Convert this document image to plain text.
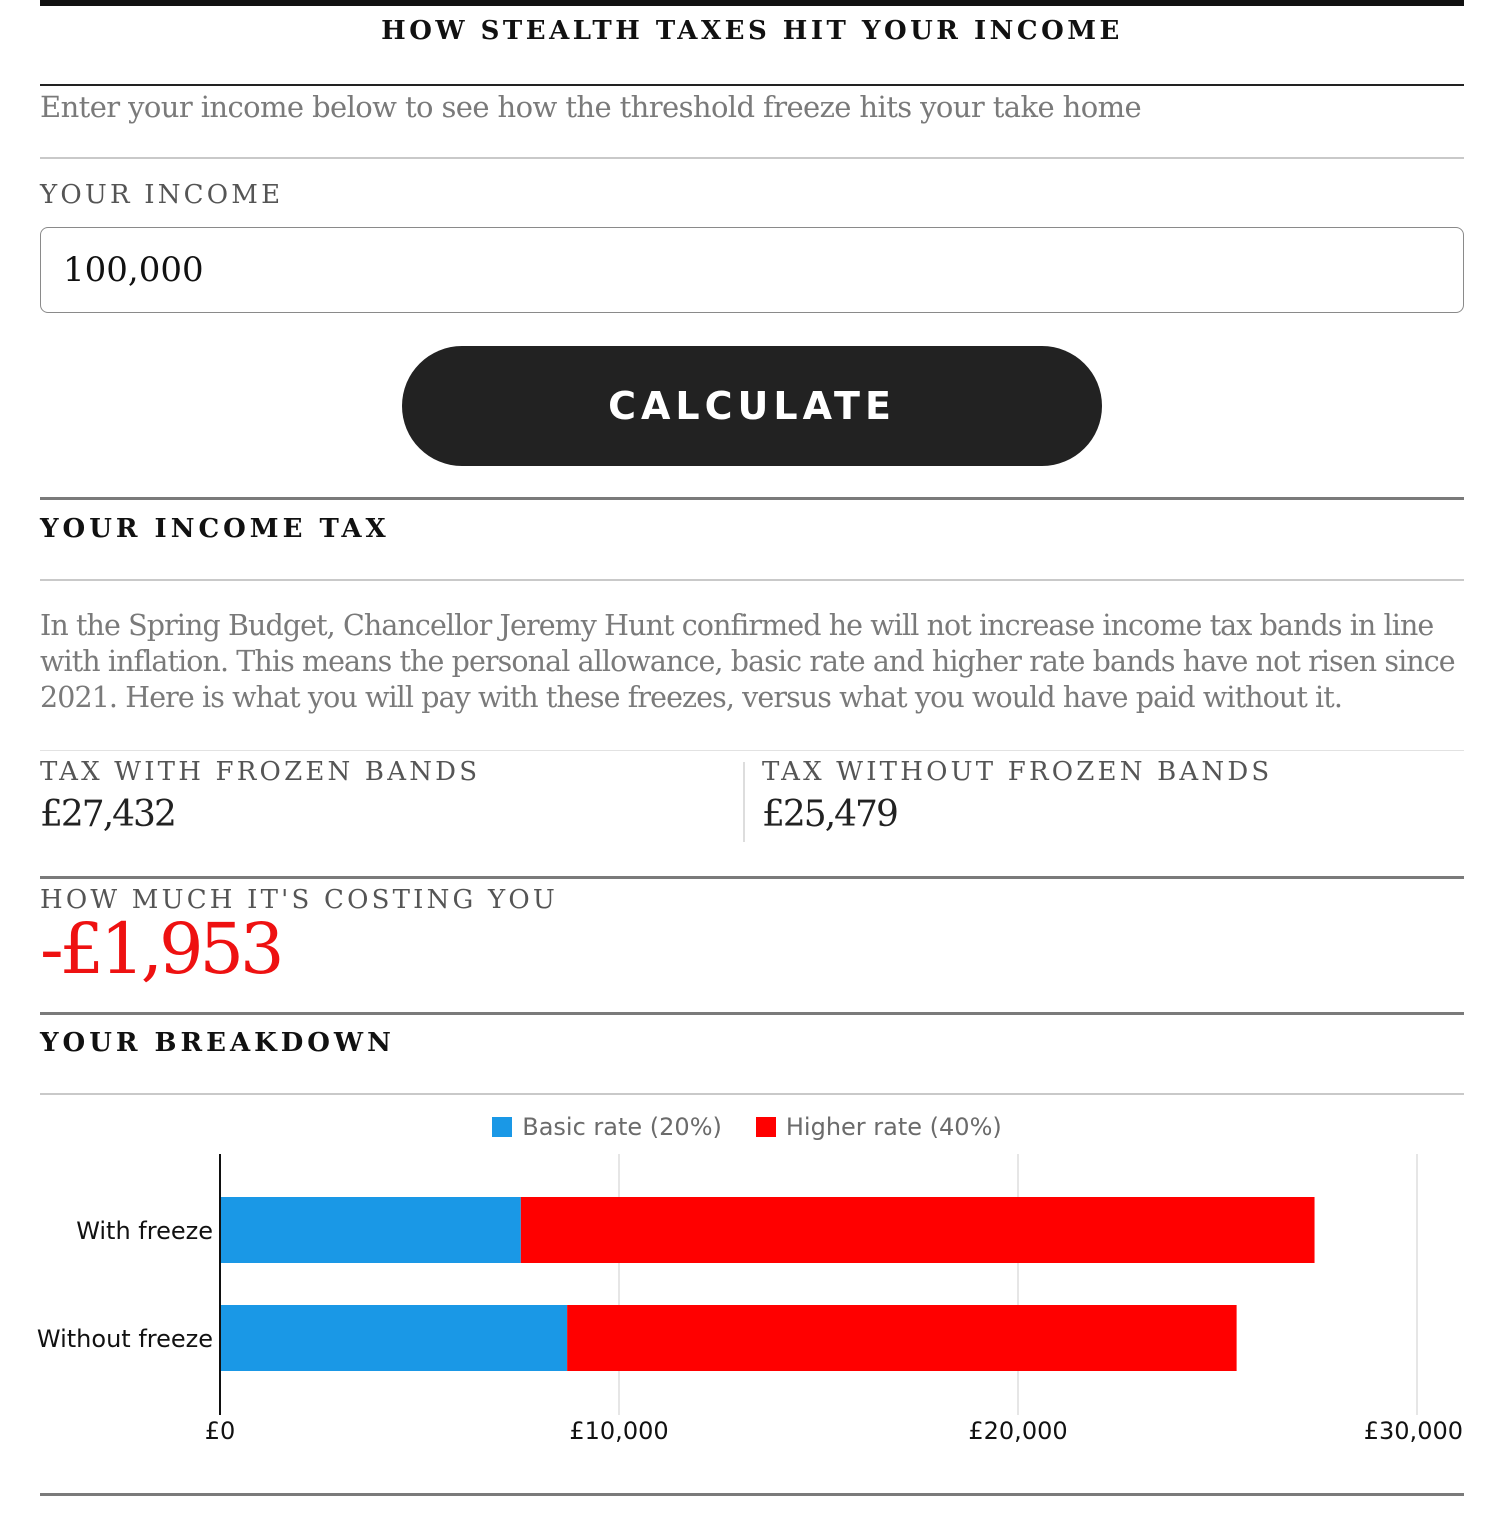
HOW STEALTH TAXES HIT YOUR INCOME
Enter your income below to see how the threshold freeze hits your take home
YOUR INCOME
100,000
CALCULATE
YOUR INCOME TAX
In the Spring Budget, Chancellor Jeremy Hunt confirmed he will not increase income tax bands in line
with inflation. This means the personal allowance, basic rate and higher rate bands have not risen since
2021. Here is what you will pay with these freezes, versus what you would have paid without it.
TAX WITH FROZEN BANDS
£27,432
TAX WITHOUT FROZEN BANDS
£25,479
HOW MUCH IT'S COSTING YOU
-£1,953
YOUR BREAKDOWN
Basic rate (20%)	Higher rate (40%)
With freeze
Without freeze
£0	£10,000	£20,000	£30,000
